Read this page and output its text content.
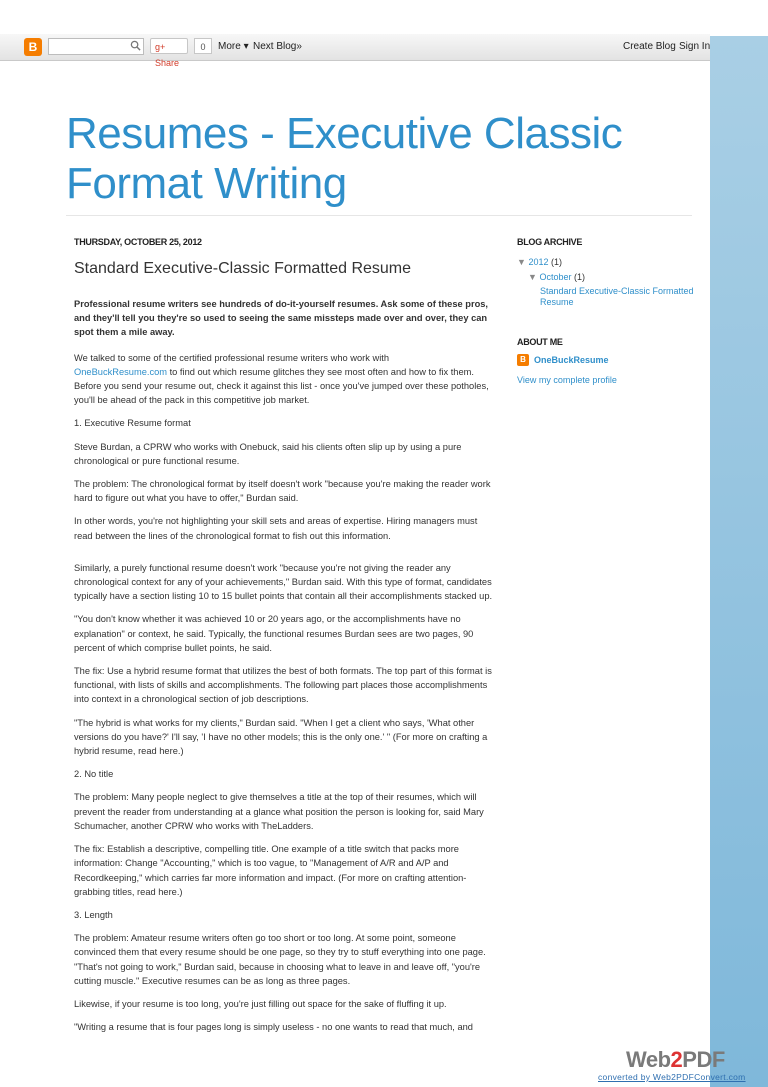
B	g+ Share
0	More ▾ Next Blog»	Create Blog Sign In
Resumes - Executive Classic Format Writing
THURSDAY, OCTOBER 25, 2012
Standard Executive-Classic Formatted Resume

Professional resume writers see hundreds of do-it-yourself resumes. Ask some of these pros, and they'll tell you they're so used to seeing the same missteps made over and over, they can spot them a mile away.

We talked to some of the certified professional resume writers who work with
OneBuckResume.com to find out which resume glitches they see most often and how to fix them. Before you send your resume out, check it against this list - once you've jumped over these potholes, you'll be ahead of the pack in this competitive job market.

1. Executive Resume format

Steve Burdan, a CPRW who works with Onebuck, said his clients often slip up by using a pure chronological or pure functional resume.

The problem: The chronological format by itself doesn't work "because you're making the reader work hard to figure out what you have to offer," Burdan said.

In other words, you're not highlighting your skill sets and areas of expertise. Hiring managers must read between the lines of the chronological format to fish out this information.

Similarly, a purely functional resume doesn't work "because you're not giving the reader any chronological context for any of your achievements," Burdan said. With this type of format, candidates typically have a section listing 10 to 15 bullet points that contain all their accomplishments stacked up.

"You don't know whether it was achieved 10 or 20 years ago, or the accomplishments have no explanation" or context, he said. Typically, the functional resumes Burdan sees are two pages, 90 percent of which comprise bullet points, he said.

The fix: Use a hybrid resume format that utilizes the best of both formats. The top part of this format is functional, with lists of skills and accomplishments. The following part places those accomplishments into context in a chronological section of job descriptions.

"The hybrid is what works for my clients," Burdan said. "When I get a client who says, 'What other versions do you have?' I'll say, 'I have no other models; this is the only one.' " (For more on crafting a hybrid resume, read here.)

2. No title

The problem: Many people neglect to give themselves a title at the top of their resumes, which will prevent the reader from understanding at a glance what position the person is looking for, said Mary Schumacher, another CPRW who works with TheLadders.

The fix: Establish a descriptive, compelling title. One example of a title switch that packs more information: Change "Accounting," which is too vague, to "Management of A/R and A/P and Recordkeeping," which carries far more information and impact. (For more on crafting attention-grabbing titles, read here.)

3. Length

The problem: Amateur resume writers often go too short or too long. At some point, someone convinced them that every resume should be one page, so they try to stuff everything into one page. "That's not going to work," Burdan said, because in choosing what to leave in and leave off, "you're cutting muscle." Executive resumes can be as long as three pages.

Likewise, if your resume is too long, you're just filling out space for the sake of fluffing it up.

"Writing a resume that is four pages long is simply useless - no one wants to read that much, and

BLOG ARCHIVE
▼ 2012 (1)
▼ October (1)
Standard Executive-Classic Formatted Resume
ABOUT ME
B OneBuckResume
View my complete profile
Web2PDF
converted by Web2PDFConvert.com
